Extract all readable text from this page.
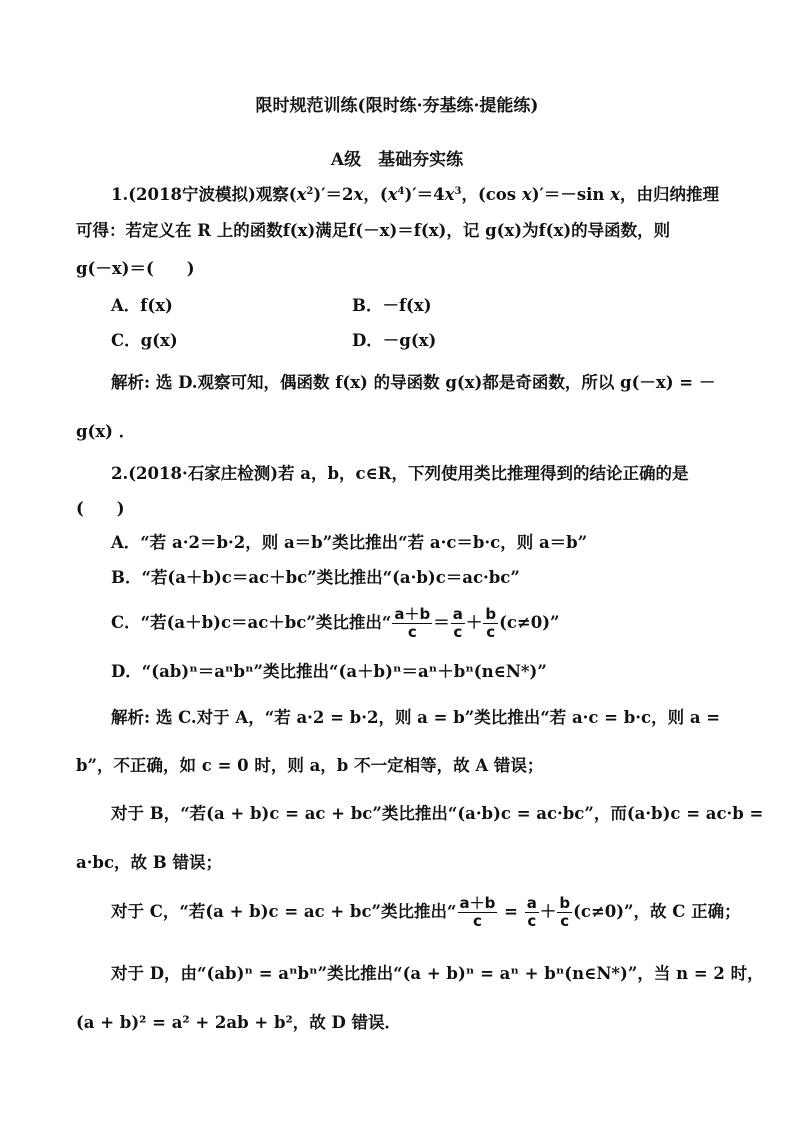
限时规范训练(限时练·夯基练·提能练)
A级　基础夯实练
1.(2018宁波模拟)观察$(x^2)'=2x$，$(x^4)'=4x^3$，(cos x)′＝－sin x，由归纳推理
可得：若定义在 R 上的函数f(x)满足f(－x)＝f(x)，记 g(x)为f(x)的导函数，则
g(－x)＝(　　)
A．f(x)	B．－f(x)
C．g(x)	D．－g(x)
解析: 选 D.观察可知，偶函数 f(x) 的导函数 g(x)都是奇函数，所以 g(－x) = －
g(x) ．
2.(2018·石家庄检测)若 a，b，c∈R，下列使用类比推理得到的结论正确的是
(　　)
A．“若 a·2＝b·2，则 a＝b”类比推出“若 a·c＝b·c，则 a＝b”
B．“若(a＋b)c＝ac＋bc”类比推出“(a·b)c＝ac·bc”
C．“若(a＋b)c＝ac＋bc”类比推出“ $\frac{a+b}{c} = \frac{a}{c} + \frac{b}{c} (c\ne 0)$”
D．“(ab)ⁿ＝aⁿbⁿ”类比推出“(a＋b)ⁿ＝aⁿ＋bⁿ(n∈N*)”
解析: 选 C.对于 A，“若 a·2 = b·2，则 a = b”类比推出“若 a·c = b·c，则 a =
b”，不正确，如 c = 0 时，则 a，b 不一定相等，故 A 错误；
对于 B，“若(a + b)c = ac + bc”类比推出“(a·b)c = ac·bc”，而(a·b)c = ac·b =
a·bc，故 B 错误；
对于 C，“若(a + b)c = ac + bc”类比推出“ $\frac{a+b}{c} = \frac{a}{c} + \frac{b}{c} (c\ne 0)$”，故 C 正确；
对于 D，由“(ab)ⁿ = aⁿbⁿ”类比推出“(a + b)ⁿ = aⁿ + bⁿ(n∈N*)”，当 n = 2 时，
(a + b)² = a² + 2ab + b²，故 D 错误．
